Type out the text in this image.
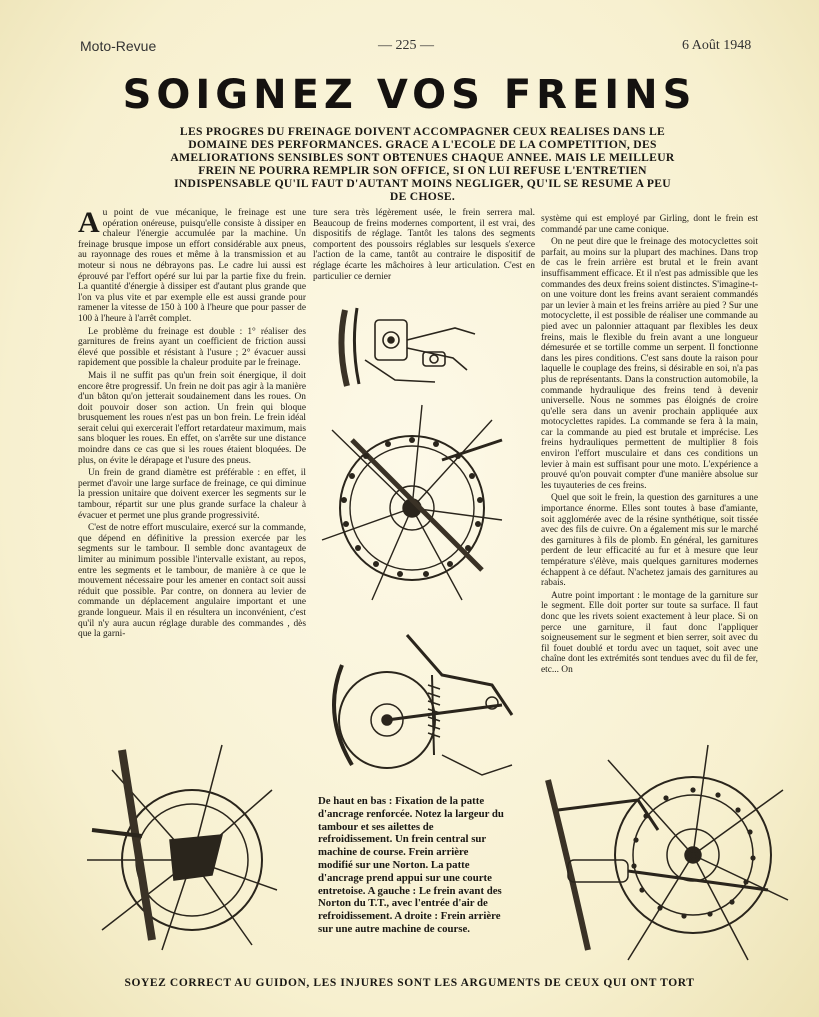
Moto-Revue	— 225 —	6 Août 1948
SOIGNEZ VOS FREINS
LES PROGRES DU FREINAGE DOIVENT ACCOMPAGNER CEUX REALISES DANS LE DOMAINE DES PERFORMANCES. GRACE A L'ECOLE DE LA COMPETITION, DES AMELIORATIONS SENSIBLES SONT OBTENUES CHAQUE ANNEE. MAIS LE MEILLEUR FREIN NE POURRA REMPLIR SON OFFICE, SI ON LUI REFUSE L'ENTRETIEN INDISPENSABLE QU'IL FAUT D'AUTANT MOINS NEGLIGER, QU'IL SE RESUME A PEU DE CHOSE.

Au point de vue mécanique, le freinage est une opération onéreuse, puisqu'elle consiste à dissiper en chaleur l'énergie accumulée par la machine. Un freinage brusque impose un effort considérable aux pneus, au rayonnage des roues et même à la transmission et au moteur si nous ne débrayons pas. Le cadre lui aussi est éprouvé par l'effort opéré sur lui par la partie fixe du frein. La quantité d'énergie à dissiper est d'autant plus grande que l'on va plus vite et par exemple elle est aussi grande pour ramener la vitesse de 150 à 100 à l'heure que pour passer de 100 à l'heure à l'arrêt complet.

Le problème du freinage est double : 1° réaliser des garnitures de freins ayant un coefficient de friction aussi élevé que possible et résistant à l'usure ; 2° évacuer aussi rapidement que possible la chaleur produite par le freinage.

Mais il ne suffit pas qu'un frein soit énergique, il doit encore être progressif. Un frein ne doit pas agir à la manière d'un bâton qu'on jetterait soudainement dans les roues. On doit pouvoir doser son action. Un frein qui bloque brusquement les roues n'est pas un bon frein. Le frein idéal serait celui qui exercerait l'effort retardateur maximum, mais sans bloquer les roues. En effet, on s'arrête sur une distance moindre dans ce cas que si les roues étaient bloquées. De plus, on évite le dérapage et l'usure des pneus.

Un frein de grand diamètre est préférable : en effet, il permet d'avoir une large surface de freinage, ce qui diminue la pression unitaire que doivent exercer les segments sur le tambour, répartit sur une plus grande surface la chaleur à évacuer et permet une plus grande progressivité.

C'est de notre effort musculaire, exercé sur la commande, que dépend en définitive la pression exercée par les segments sur le tambour. Il semble donc avantageux de limiter au minimum possible l'intervalle existant, au repos, entre les segments et le tambour, de manière à ce que le mouvement nécessaire pour les amener en contact soit aussi réduit que possible. Par contre, on donnera au levier de commande un déplacement angulaire important et une grande longueur. Mais il en résultera un inconvénient, c'est qu'il n'y aura aucun réglage durable des commandes , dès que la garni-

ture sera très légèrement usée, le frein serrera mal. Beaucoup de freins modernes comportent, il est vrai, des dispositifs de réglage. Tantôt les talons des segments comportent des poussoirs réglables sur lesquels s'exerce l'action de la came, tantôt au contraire le dispositif de réglage écarte les mâchoires à leur articulation. C'est en particulier ce dernier

système qui est employé par Girling, dont le frein est commandé par une came conique.

On ne peut dire que le freinage des motocyclettes soit parfait, au moins sur la plupart des machines. Dans trop de cas le frein arrière est brutal et le frein avant insuffisamment efficace. Et il n'est pas admissible que les commandes des deux freins soient distinctes. S'imagine-t-on une voiture dont les freins avant seraient commandés par un levier à main et les freins arrière au pied ? Sur une motocyclette, il est possible de réaliser une commande au pied avec un palonnier attaquant par flexibles les deux freins, mais le flexible du frein avant a une longueur démesurée et se tortille comme un serpent. Il fonctionne dans les pires conditions. C'est sans doute la raison pour laquelle le couplage des freins, si désirable en soi, n'a pas plus de représentants. Dans la construction automobile, la commande hydraulique des freins tend à devenir universelle. Nous ne sommes pas éloignés de croire qu'elle sera dans un avenir prochain appliquée aux motocyclettes rapides. La commande se fera à la main, car la commande au pied est brutale et imprécise. Les freins hydrauliques permettent de multiplier 8 fois environ l'effort musculaire et dans ces conditions un levier à main est suffisant pour une moto. L'expérience a prouvé qu'on pouvait compter d'une manière absolue sur les tuyauteries de ces freins.

Quel que soit le frein, la question des garnitures a une importance énorme. Elles sont toutes à base d'amiante, soit agglomérée avec de la résine synthétique, soit tissée avec des fils de cuivre. On a également mis sur le marché des garnitures à fils de plomb. En général, les garnitures perdent de leur efficacité au fur et à mesure que leur température s'élève, mais quelques garnitures modernes échappent à ce défaut. N'achetez jamais des garnitures au rabais.

Autre point important : le montage de la garniture sur le segment. Elle doit porter sur toute sa surface. Il faut donc que les rivets soient exactement à leur place. Si on perce une garniture, il faut donc l'appliquer soigneusement sur le segment et bien serrer, soit avec du fil fouet doublé et tordu avec un taquet, soit avec une chaîne dont les extrémités sont tendues avec du fil de fer, etc... On

De haut en bas : Fixation de la patte d'ancrage renforcée. Notez la largeur du tambour et ses ailettes de refroidissement. Un frein central sur machine de course. Frein arrière modifié sur une Norton. La patte d'ancrage prend appui sur une courte entretoise. A gauche : Le frein avant des Norton du T.T., avec l'entrée d'air de refroidissement. A droite : Frein arrière sur une autre machine de course.
SOYEZ CORRECT AU GUIDON, LES INJURES SONT LES ARGUMENTS DE CEUX QUI ONT TORT
